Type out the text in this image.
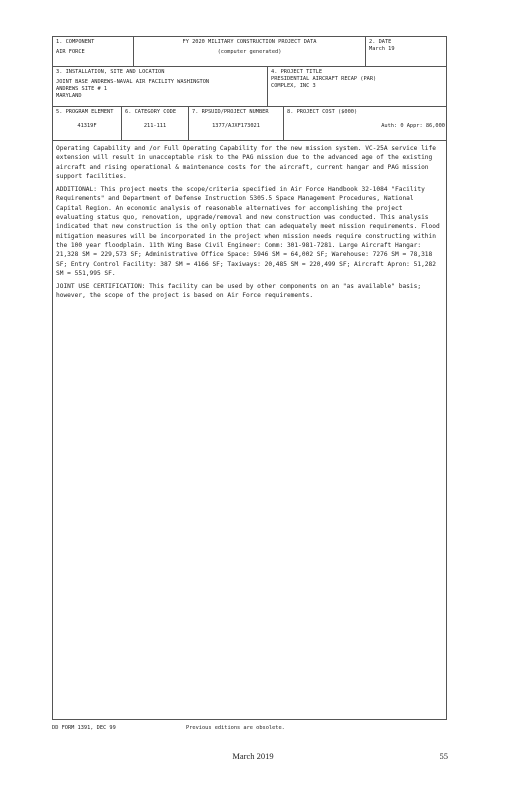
1. COMPONENT
AIR FORCE
FY 2020 MILITARY CONSTRUCTION PROJECT DATA
(computer generated)
2. DATE
March 19
3. INSTALLATION, SITE AND LOCATION
JOINT BASE ANDREWS-NAVAL AIR FACILITY WASHINGTON
ANDREWS SITE # 1
MARYLAND
4. PROJECT TITLE
PRESIDENTIAL AIRCRAFT RECAP (PAR)
COMPLEX, INC 3
5. PROGRAM ELEMENT
41319F
6. CATEGORY CODE
211-111
7. RPSUID/PROJECT NUMBER
1377/AJXF173021
8. PROJECT COST ($000)
Auth: 0 Appr: 86,000

Operating Capability and /or Full Operating Capability for the new mission system. VC-25A service life extension will result in unacceptable risk to the PAG mission due to the advanced age of the existing aircraft and rising operational & maintenance costs for the aircraft, current hangar and PAG mission support facilities.

ADDITIONAL: This project meets the scope/criteria specified in Air Force Handbook 32-1084 "Facility Requirements" and Department of Defense Instruction 5305.5 Space Management Procedures, National Capital Region. An economic analysis of reasonable alternatives for accomplishing the project evaluating status quo, renovation, upgrade/removal and new construction was conducted. This analysis indicated that new construction is the only option that can adequately meet mission requirements. Flood mitigation measures will be incorporated in the project when mission needs require constructing within the 100 year floodplain. 11th Wing Base Civil Engineer: Comm: 301-981-7281. Large Aircraft Hangar: 21,328 SM = 229,573 SF; Administrative Office Space: 5946 SM = 64,002 SF; Warehouse: 7276 SM = 78,318 SF; Entry Control Facility: 387 SM = 4166 SF; Taxiways: 20,485 SM = 220,499 SF; Aircraft Apron: 51,282 SM = 551,995 SF.

JOINT USE CERTIFICATION: This facility can be used by other components on an "as available" basis; however, the scope of the project is based on Air Force requirements.

DD FORM 1391, DEC 99	Previous editions are obsolete.
March 2019	55
